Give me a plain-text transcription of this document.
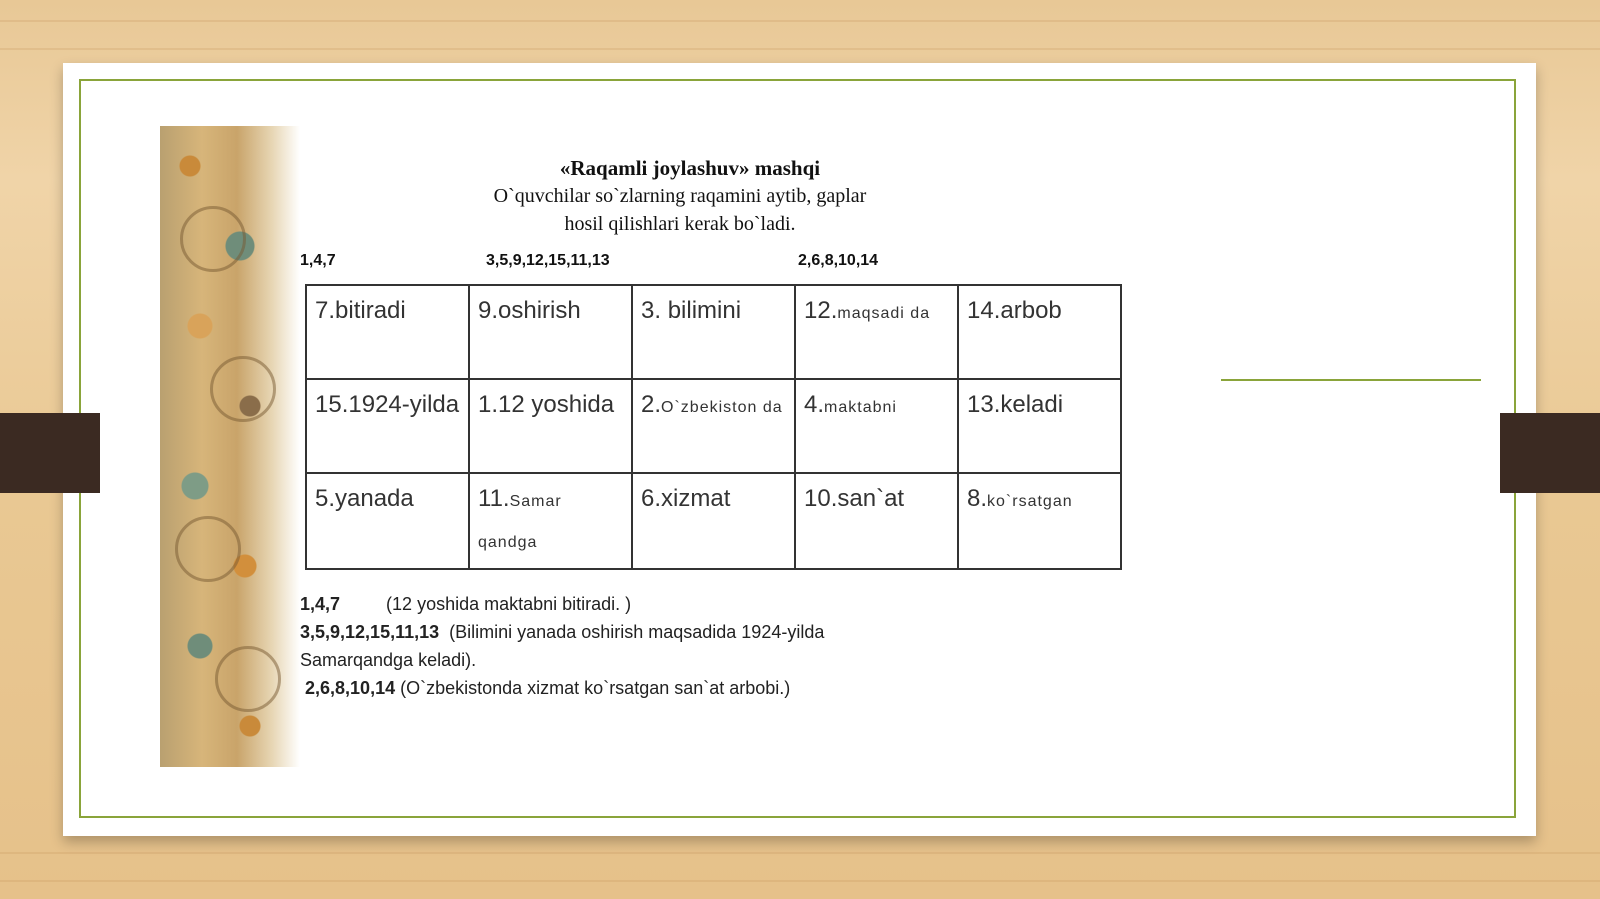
«Raqamli joylashuv» mashqi
O`quvchilar so`zlarning raqamini aytib, gaplar
hosil qilishlari kerak bo`ladi.
1,4,7	3,5,9,12,15,11,13	2,6,8,10,14
7.bitiradi	9.oshirish	3. bilimini	12.maqsadi da	14.arbob
15.1924-yilda	1.12 yoshida	2.O`zbekiston da	4.maktabni	13.keladi
5.yanada	11.Samar qandga	6.xizmat	10.san`at	8.ko`rsatgan
1,4,7	(12 yoshida maktabni bitiradi. )
3,5,9,12,15,11,13 (Bilimini yanada oshirish maqsadida 1924-yilda
Samarqandga keladi).
2,6,8,10,14 (O`zbekistonda xizmat ko`rsatgan san`at arbobi.)
